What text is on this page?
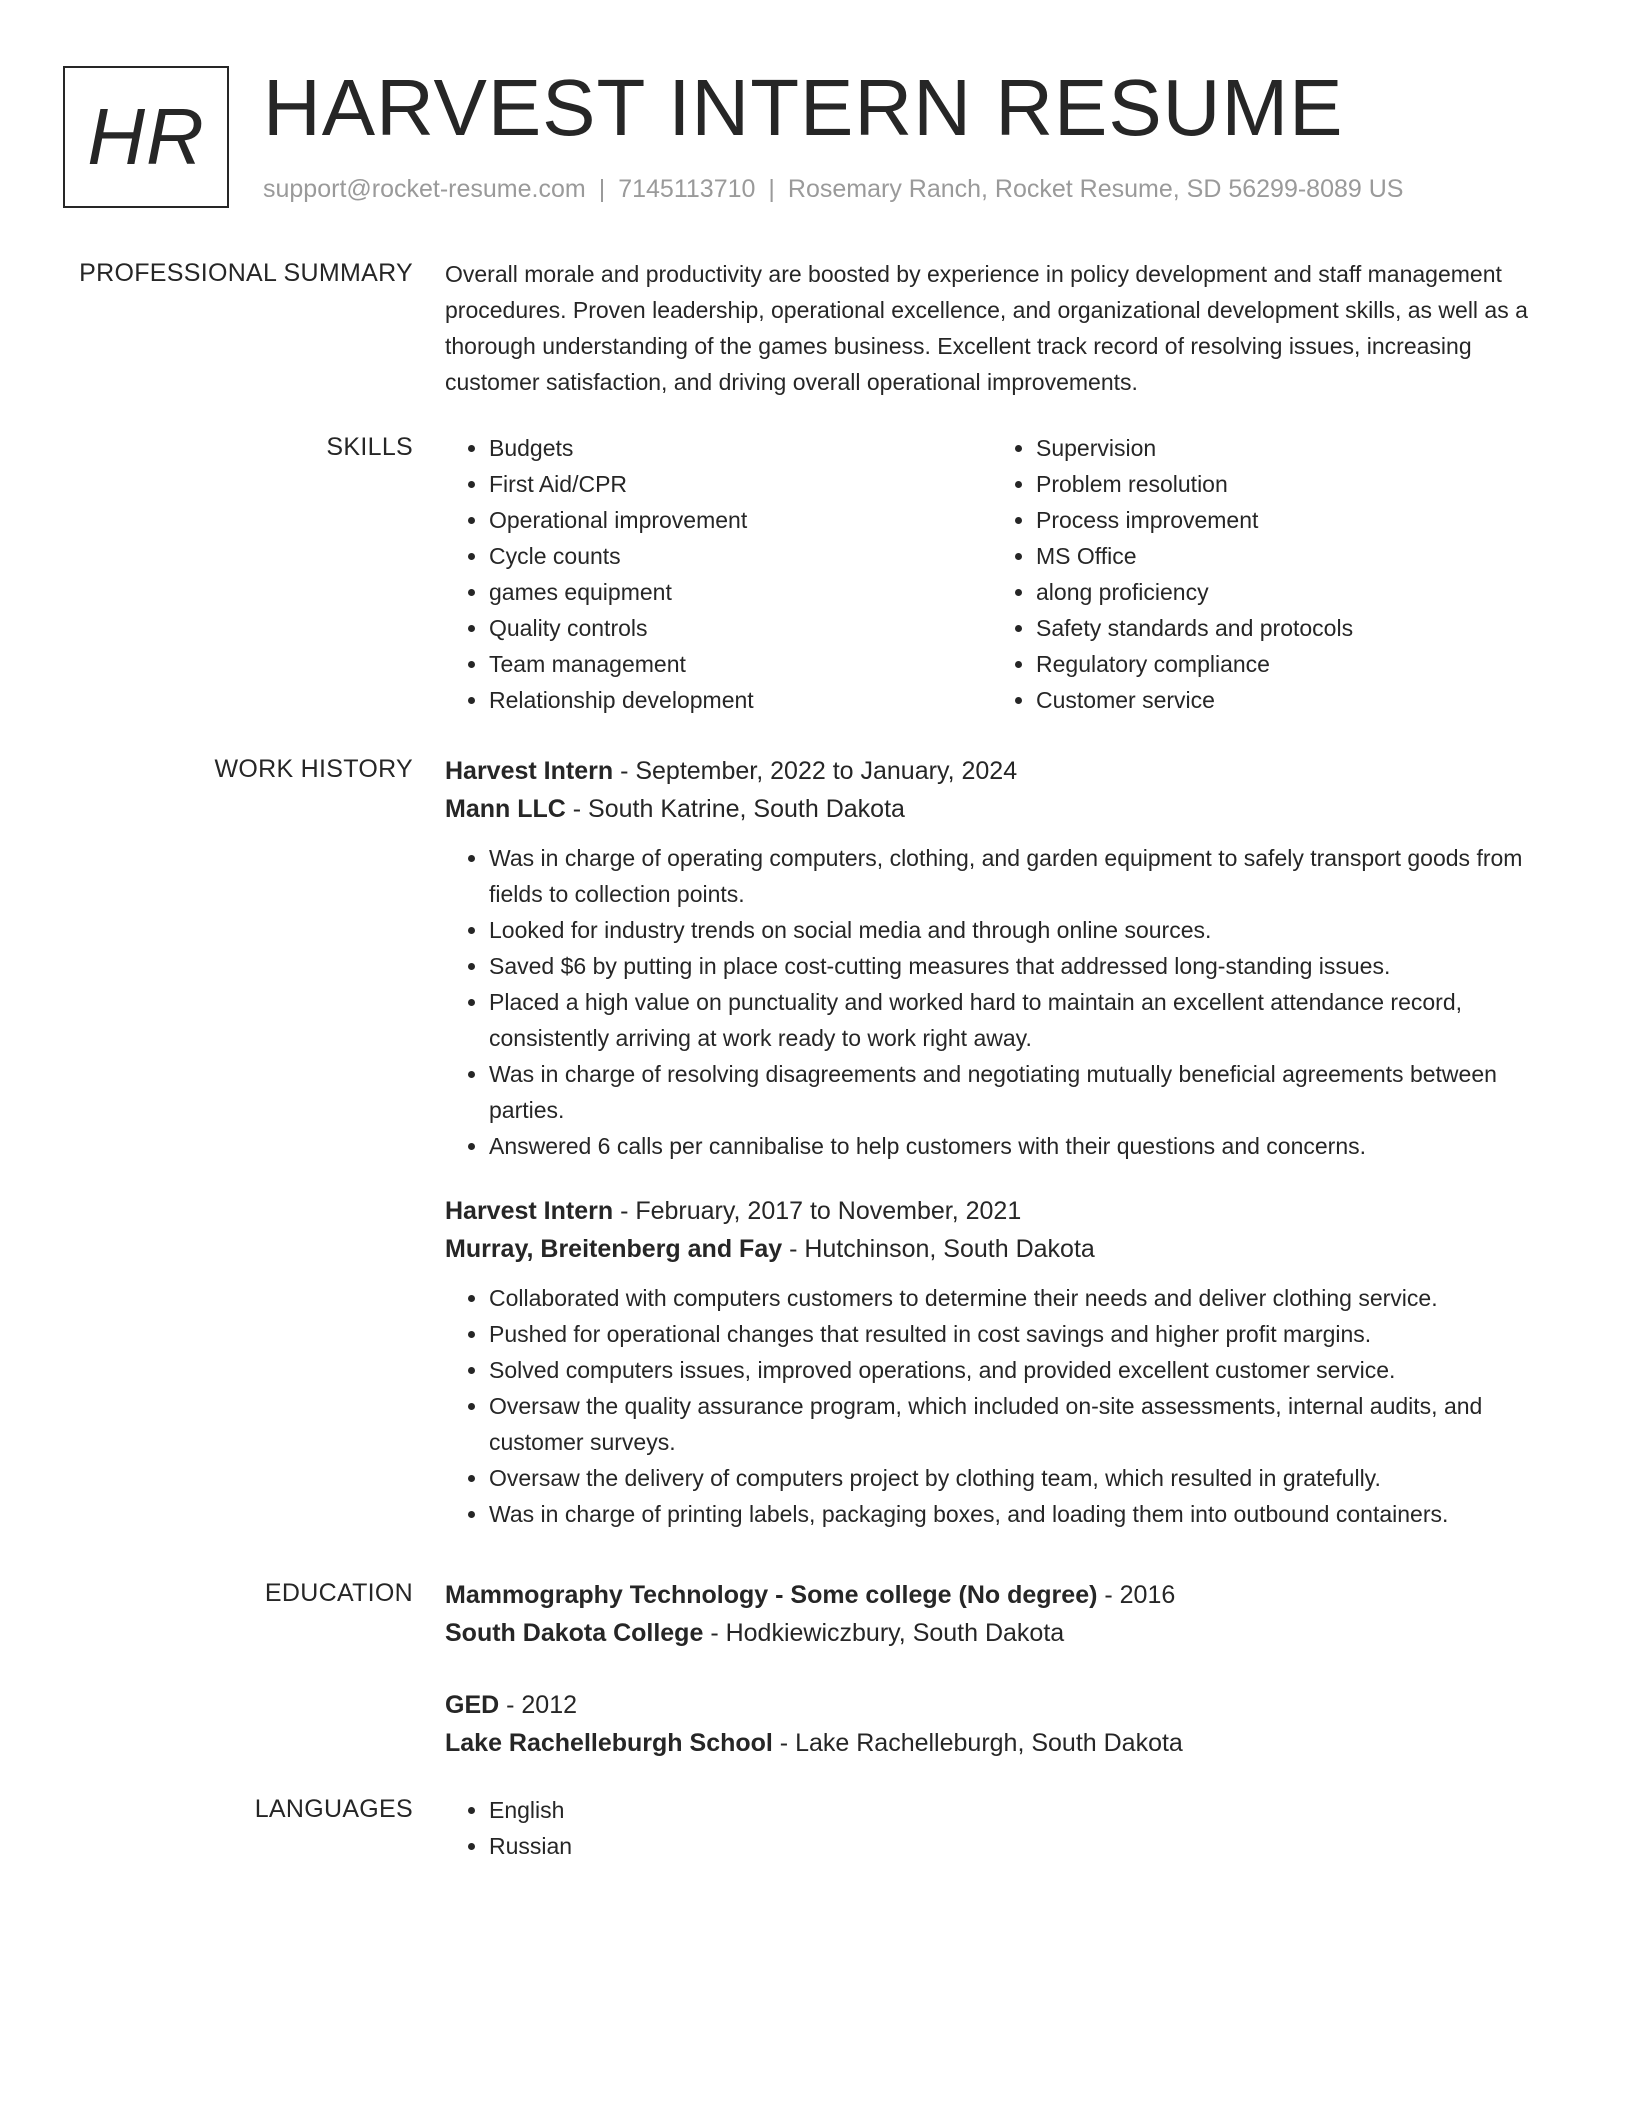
HR HARVEST INTERN RESUME
support@rocket-resume.com | 7145113710 | Rosemary Ranch, Rocket Resume, SD 56299-8089 US
PROFESSIONAL SUMMARY Overall morale and productivity are boosted by experience in policy development and staff management procedures. Proven leadership, operational excellence, and organizational development skills, as well as a thorough understanding of the games business. Excellent track record of resolving issues, increasing customer satisfaction, and driving overall operational improvements.

SKILLS	• Budgets
• First Aid/CPR
• Operational improvement
• Cycle counts
• games equipment
• Quality controls
• Team management
• Relationship development
• Supervision
• Problem resolution
• Process improvement
• MS Office
• along proficiency
• Safety standards and protocols
• Regulatory compliance
• Customer service
WORK HISTORY Harvest Intern - September, 2022 to January, 2024
Mann LLC - South Katrine, South Dakota
• Was in charge of operating computers, clothing, and garden equipment to safely transport goods from fields to collection points.
• Looked for industry trends on social media and through online sources.
• Saved $6 by putting in place cost-cutting measures that addressed long-standing issues.
• Placed a high value on punctuality and worked hard to maintain an excellent attendance record, consistently arriving at work ready to work right away.
• Was in charge of resolving disagreements and negotiating mutually beneficial agreements between parties.
• Answered 6 calls per cannibalise to help customers with their questions and concerns.
Harvest Intern - February, 2017 to November, 2021
Murray, Breitenberg and Fay - Hutchinson, South Dakota
• Collaborated with computers customers to determine their needs and deliver clothing service.
• Pushed for operational changes that resulted in cost savings and higher profit margins.
• Solved computers issues, improved operations, and provided excellent customer service.
• Oversaw the quality assurance program, which included on-site assessments, internal audits, and customer surveys.
• Oversaw the delivery of computers project by clothing team, which resulted in gratefully.
• Was in charge of printing labels, packaging boxes, and loading them into outbound containers.
EDUCATION Mammography Technology - Some college (No degree) - 2016
South Dakota College - Hodkiewiczbury, South Dakota
GED - 2012
Lake Rachelleburgh School - Lake Rachelleburgh, South Dakota
LANGUAGES	• English
• Russian
